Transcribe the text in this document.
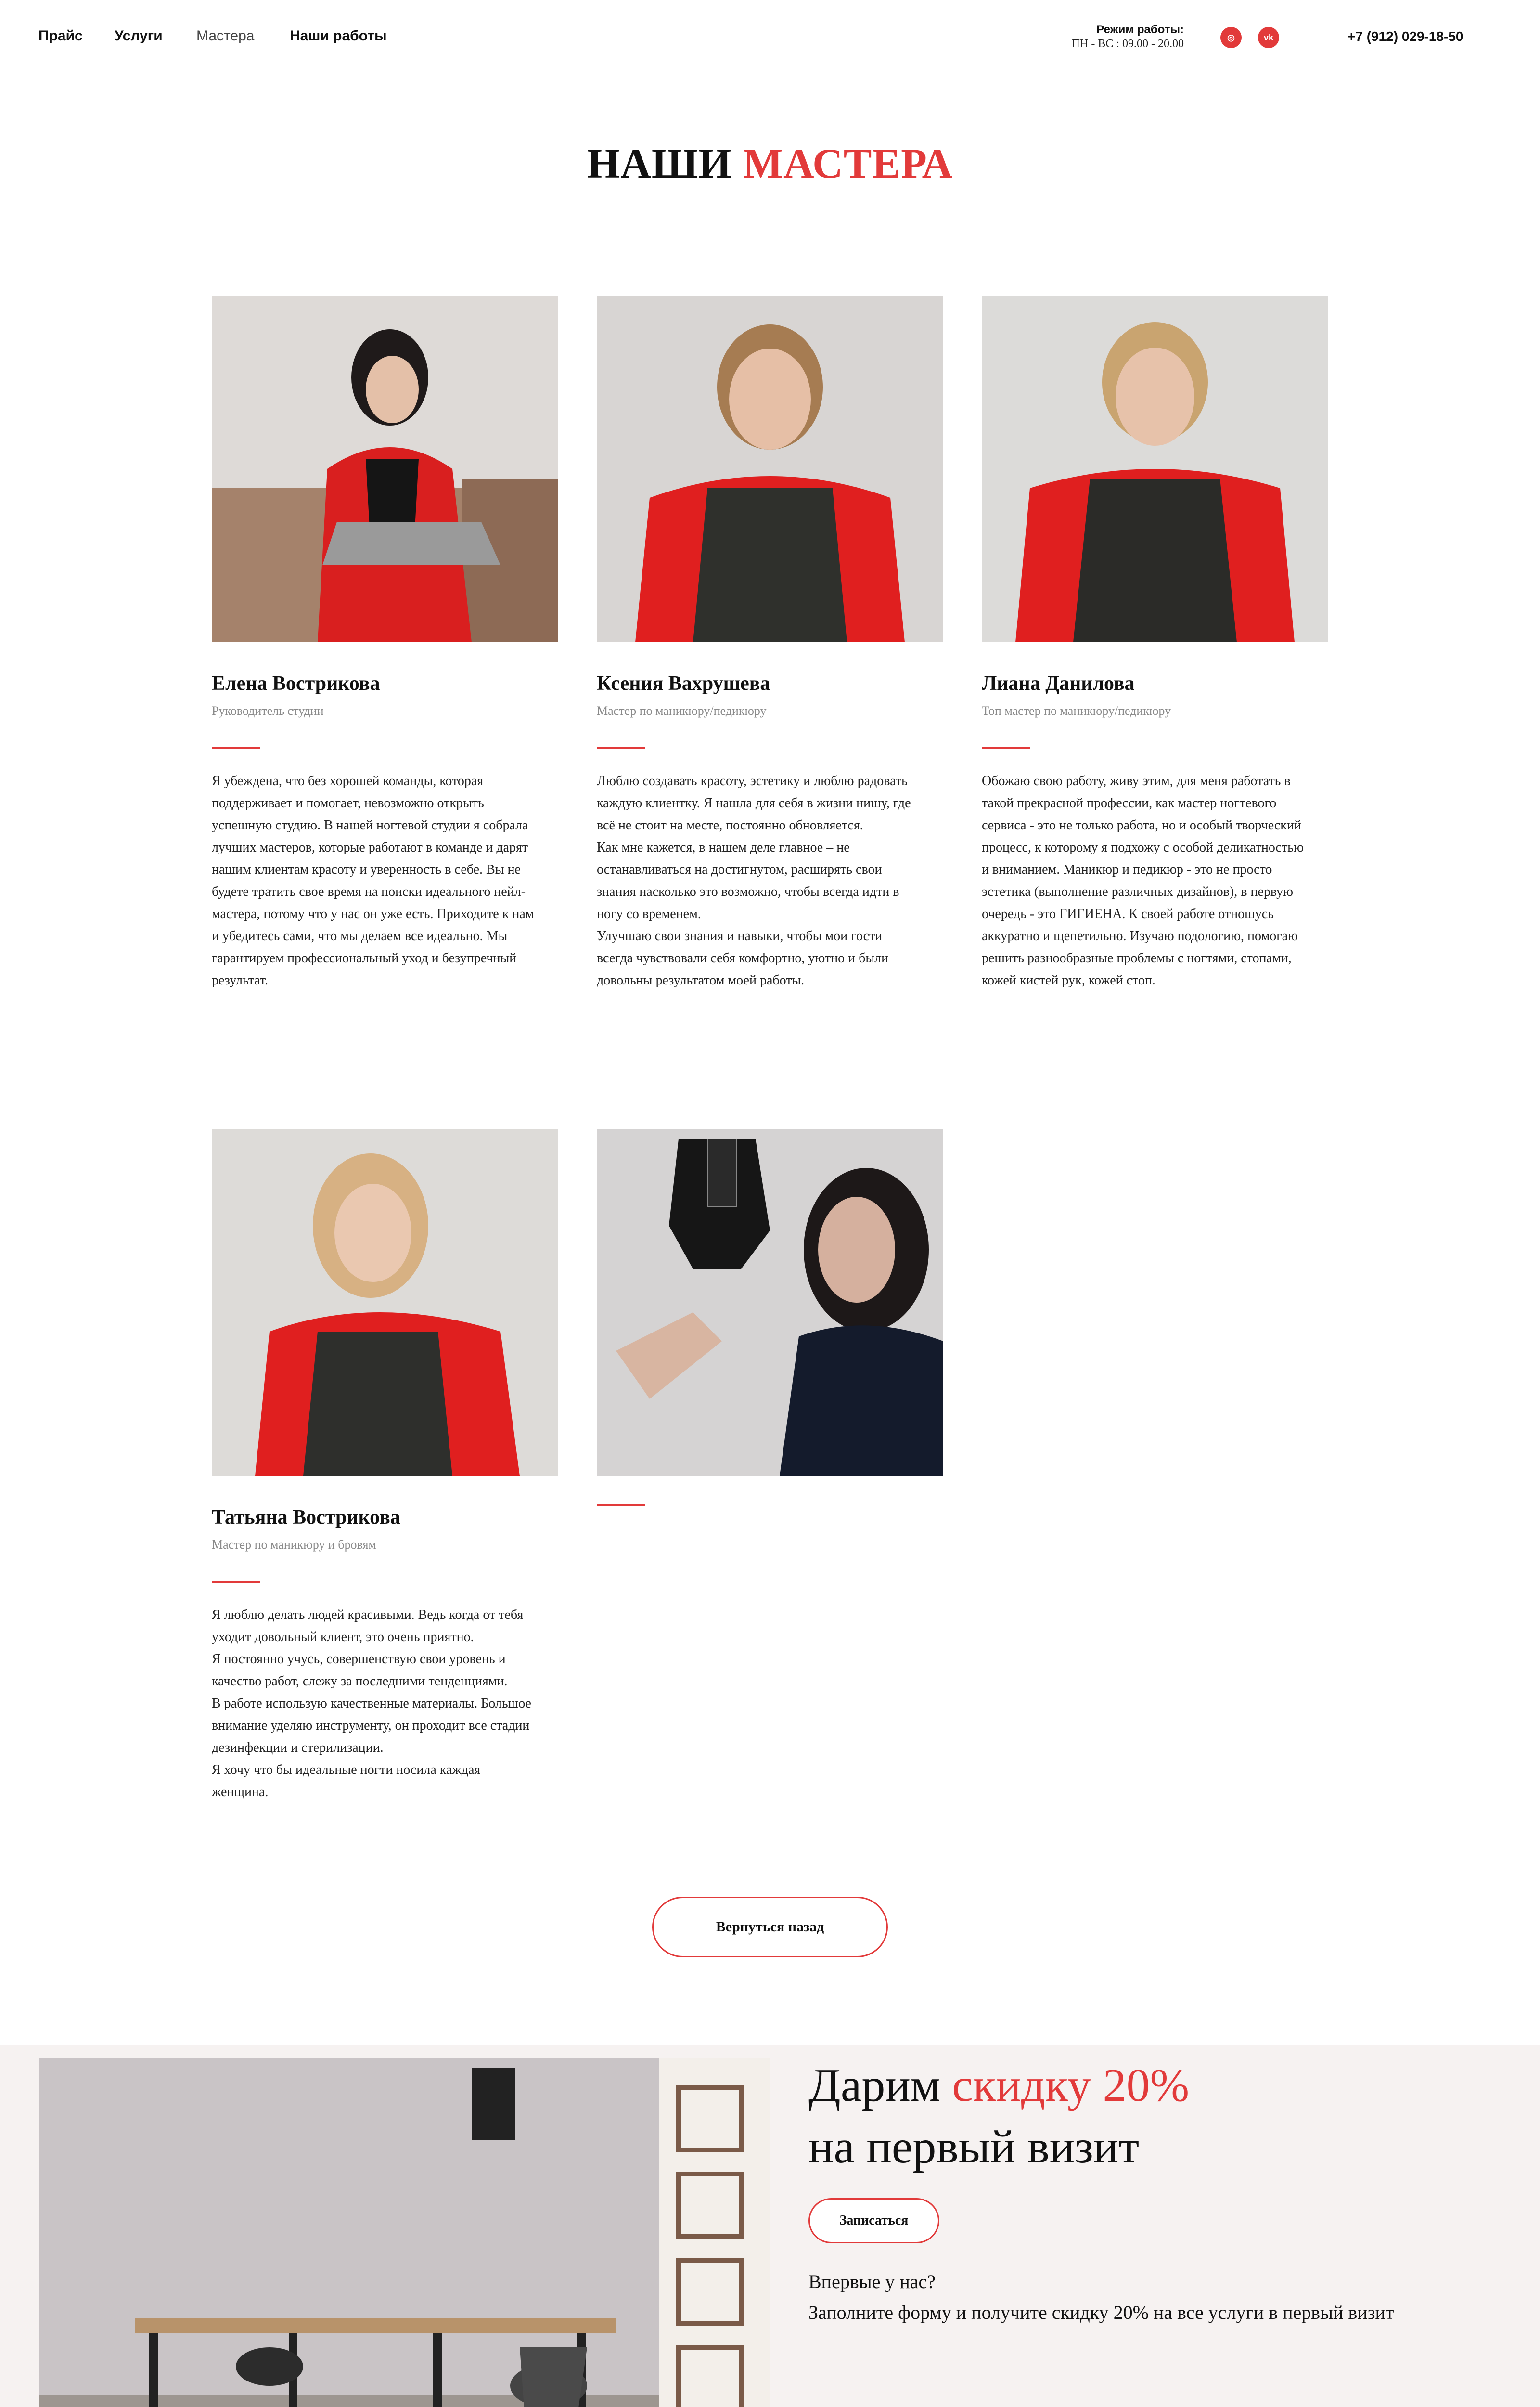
Прайс Услуги Мастера Наши работы	Режим работы:
ПН - ВС : 09.00 - 20.00
◎	vk	+7 (912) 029-18-50
НАШИ МАСТЕРА
Елена Вострикова
Руководитель студии
Я убеждена, что без хорошей команды, которая
поддерживает и помогает, невозможно открыть
успешную студию. В нашей ногтевой студии я собрала
лучших мастеров, которые работают в команде и дарят
нашим клиентам красоту и уверенность в себе. Вы не
будете тратить свое время на поиски идеального нейл-
мастера, потому что у нас он уже есть. Приходите к нам
и убедитесь сами, что мы делаем все идеально. Мы
гарантируем профессиональный уход и безупречный
результат.
Ксения Вахрушева
Мастер по маникюру/педикюру
Люблю создавать красоту, эстетику и люблю радовать
каждую клиентку. Я нашла для себя в жизни нишу, где
всё не стоит на месте, постоянно обновляется.
Как мне кажется, в нашем деле главное – не
останавливаться на достигнутом, расширять свои
знания насколько это возможно, чтобы всегда идти в
ногу со временем.
Улучшаю свои знания и навыки, чтобы мои гости
всегда чувствовали себя комфортно, уютно и были
довольны результатом моей работы.
Лиана Данилова
Топ мастер по маникюру/педикюру
Обожаю свою работу, живу этим, для меня работать в
такой прекрасной профессии, как мастер ногтевого
сервиса - это не только работа, но и особый творческий
процесс, к которому я подхожу с особой деликатностью
и вниманием. Маникюр и педикюр - это не просто
эстетика (выполнение различных дизайнов), в первую
очередь - это ГИГИЕНА. К своей работе отношусь
аккуратно и щепетильно. Изучаю подологию, помогаю
решить разнообразные проблемы с ногтями, стопами,
кожей кистей рук, кожей стоп.
Татьяна Вострикова
Мастер по маникюру и бровям
Я люблю делать людей красивыми. Ведь когда от тебя
уходит довольный клиент, это очень приятно.
Я постоянно учусь, совершенствую свои уровень и
качество работ, слежу за последними тенденциями.
В работе использую качественные материалы. Большое
внимание уделяю инструменту, он проходит все стадии
дезинфекции и стерилизации.
Я хочу что бы идеальные ногти носила каждая
женщина.
Вернуться назад
Дарим скидку 20%
на первый визит
Записаться
Впервые у нас?
Заполните форму и получите скидку 20% на все услуги в первый визит
